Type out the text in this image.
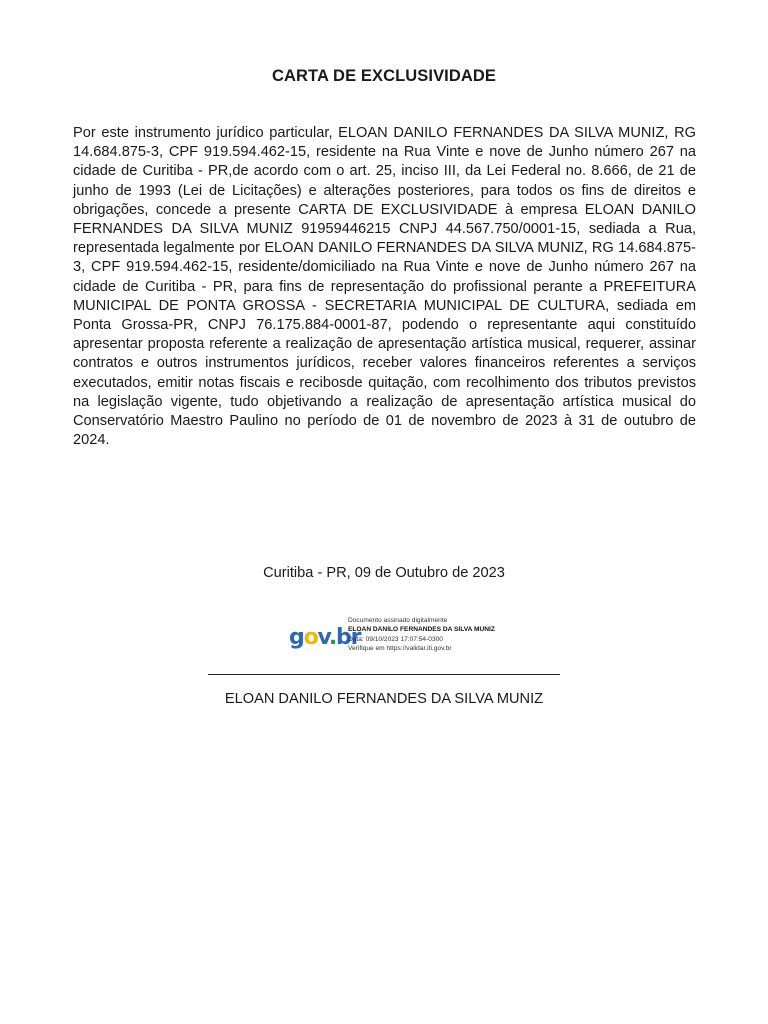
CARTA DE EXCLUSIVIDADE
Por este instrumento jurídico particular, ELOAN DANILO FERNANDES DA SILVA MUNIZ, RG 14.684.875-3, CPF 919.594.462-15, residente na Rua Vinte e nove de Junho número 267 na cidade de Curitiba - PR,de acordo com o art. 25, inciso III, da Lei Federal no. 8.666, de 21 de junho de 1993 (Lei de Licitações) e alterações posteriores, para todos os fins de direitos e obrigações, concede a presente CARTA DE EXCLUSIVIDADE à empresa ELOAN DANILO FERNANDES DA SILVA MUNIZ 91959446215 CNPJ 44.567.750/0001-15, sediada a Rua, representada legalmente por ELOAN DANILO FERNANDES DA SILVA MUNIZ, RG 14.684.875-3, CPF 919.594.462-15, residente/domiciliado na Rua Vinte e nove de Junho número 267 na cidade de Curitiba - PR, para fins de representação do profissional perante a PREFEITURA MUNICIPAL DE PONTA GROSSA - SECRETARIA MUNICIPAL DE CULTURA, sediada em Ponta Grossa-PR, CNPJ 76.175.884-0001-87, podendo o representante aqui constituído apresentar proposta referente a realização de apresentação artística musical, requerer, assinar contratos e outros instrumentos jurídicos, receber valores financeiros referentes a serviços executados, emitir notas fiscais e recibosde quitação, com recolhimento dos tributos previstos na legislação vigente, tudo objetivando a realização de apresentação artística musical do Conservatório Maestro Paulino no período de 01 de novembro de 2023 à 31 de outubro de 2024.
Curitiba - PR, 09 de Outubro de 2023
gov.br
Documento assinado digitalmente
ELOAN DANILO FERNANDES DA SILVA MUNIZ
Data: 09/10/2023 17:07:54-0300
Verifique em https://validar.iti.gov.br
ELOAN DANILO FERNANDES DA SILVA MUNIZ
